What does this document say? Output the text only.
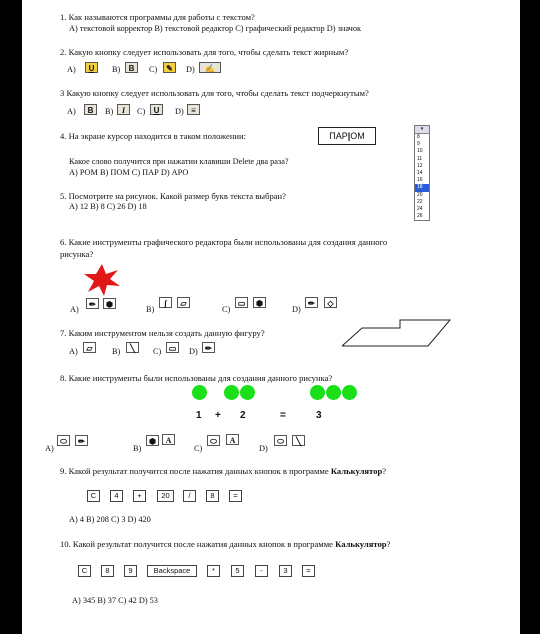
1. Как называются программы для работы с текстом?
A) текстовой корректор B) текстовой редактор C) графический редактор D) значок
2. Какую кнопку следует использовать для того, чтобы сделать текст жирным?
A)	U	B)	B	C)	✎	D)	✍
3 Какую кнопку следует использовать для того, чтобы сделать текст подчеркнутым?
A)	B	B)	I	C)	U	D) ≡
4. На экране курсор находится в таком положении:	ПАР|ОМ
Какое слово получится при нажатии клавиши Delete два раза?
A) РОМ B) ПОМ C) ПАР D) АРО
▾
8
9
10
11
12
14
16
18
20
22
24
26
5. Посмотрите на рисунок. Какой размер букв текста выбран?
A) 12 B) 8 C) 26 D) 18
6. Какие инструменты графического редактора были использованы для создания данного
рисунка?
A)
✏	⬢
B)
∫	▱
C)
▭	⬢
D)
✏	◇
7. Каким инструментом нельзя создать данную фигуру?
A)	▱	B)	╲	C) ▭	D) ✏
8. Какие инструменты были использованы для создания данного рисунка?
1 + 2	=	3
A)
⬭	✏
B)
⬢	A
C)
⬭	A
D)
⬭	╲
9. Какой результат получится после нажатия данных кнопок в программе Калькулятор?
C	4	+	20	/	8	=
A) 4 B) 208 C) 3 D) 420
10. Какой результат получится после нажатия данных кнопок в программе Калькулятор?
C	8	9	Backspace	*	5	-	3	=
A) 345 B) 37 C) 42 D) 53
